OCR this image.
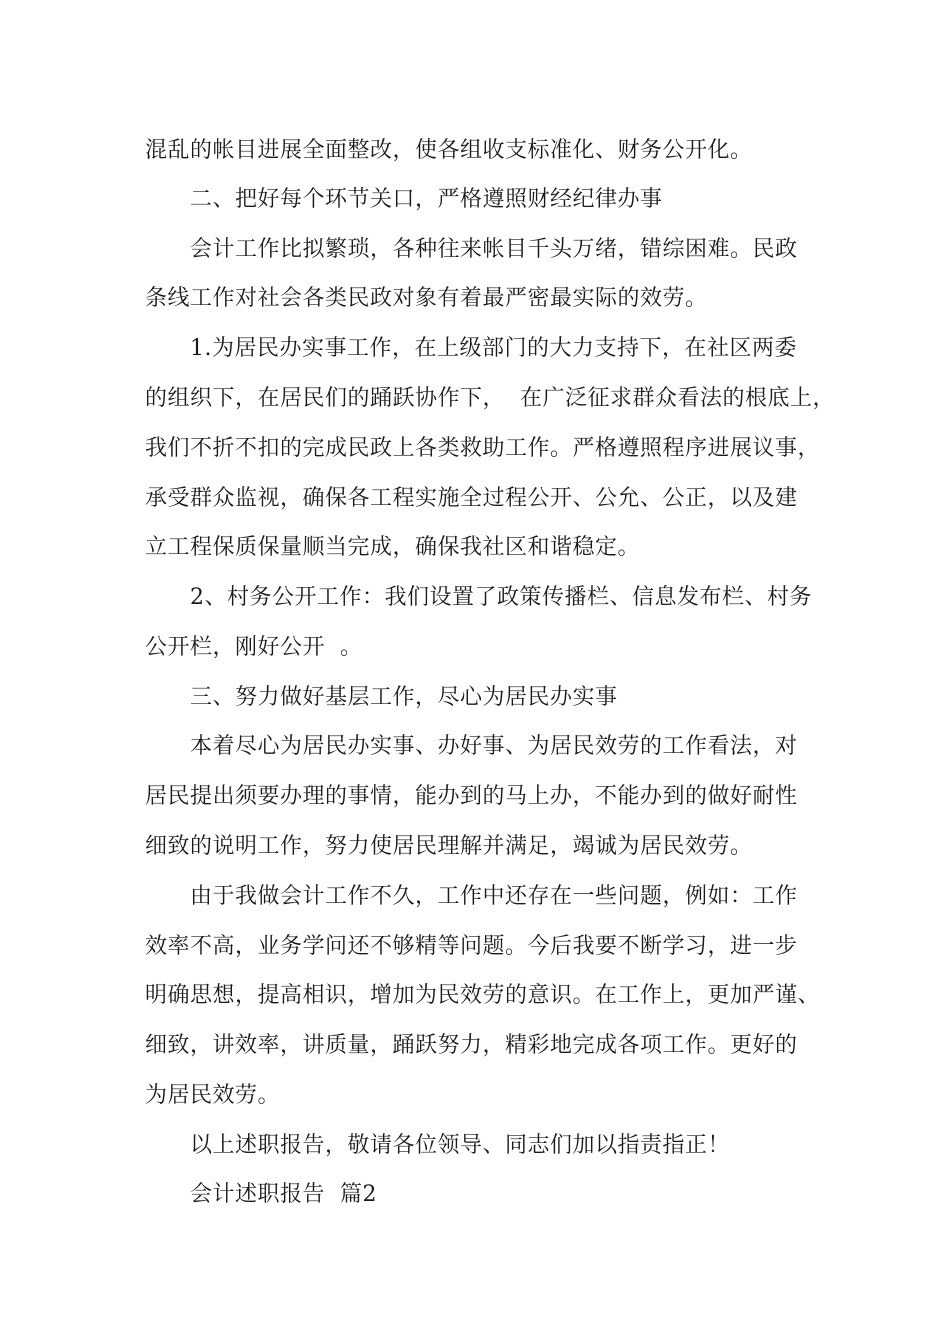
混乱的帐目进展全面整改，使各组收支标准化、财务公开化。
二、把好每个环节关口，严格遵照财经纪律办事
会计工作比拟繁琐，各种往来帐目千头万绪，错综困难。民政
条线工作对社会各类民政对象有着最严密最实际的效劳。
1.为居民办实事工作，在上级部门的大力支持下，在社区两委
的组织下，在居民们的踊跃协作下，  在广泛征求群众看法的根底上，
我们不折不扣的完成民政上各类救助工作。严格遵照程序进展议事，
承受群众监视，确保各工程实施全过程公开、公允、公正，以及建
立工程保质保量顺当完成，确保我社区和谐稳定。
2、村务公开工作：我们设置了政策传播栏、信息发布栏、村务
公开栏，刚好公开  。
三、努力做好基层工作，尽心为居民办实事
本着尽心为居民办实事、办好事、为居民效劳的工作看法，对
居民提出须要办理的事情，能办到的马上办，不能办到的做好耐性
细致的说明工作，努力使居民理解并满足，竭诚为居民效劳。
由于我做会计工作不久，工作中还存在一些问题，例如：工作
效率不高，业务学问还不够精等问题。今后我要不断学习，进一步
明确思想，提高相识，增加为民效劳的意识。在工作上，更加严谨、
细致，讲效率，讲质量，踊跃努力，精彩地完成各项工作。更好的
为居民效劳。
以上述职报告，敬请各位领导、同志们加以指责指正！
会计述职报告  篇2
